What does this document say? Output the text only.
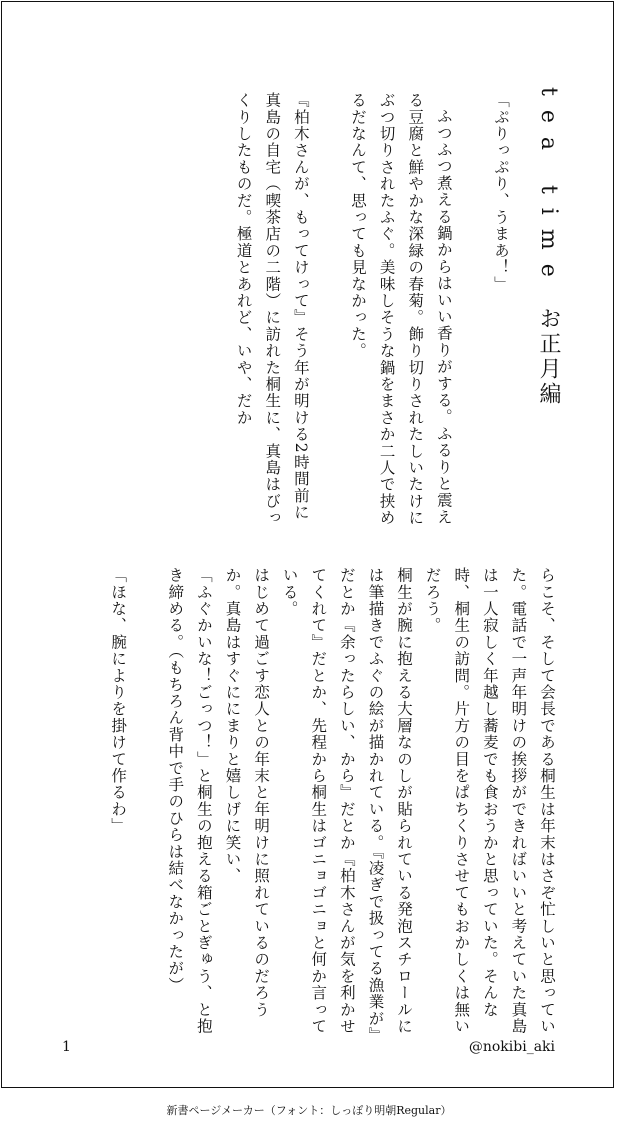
tea timeお正月編

「ぷりっぷり、うまあ！」

ふつふつ煮える鍋からはいい香りがする。ふるりと震える豆腐と鮮やかな深緑の春菊。飾り切りされたしいたけにぶつ切りされたふぐ。美味しそうな鍋をまさか二人で挟めるだなんて、思っても見なかった。

『柏木さんが、もってけって』そう年が明ける2時間前に真島の自宅（喫茶店の二階）に訪れた桐生に、真島はびっくりしたものだ。極道とあれど、いや、だか

らこそ、そして会長である桐生は年末はさぞ忙しいと思っていた。電話で一声年明けの挨拶ができればいいと考えていた真島は一人寂しく年越し蕎麦でも食おうかと思っていた。そんな時、桐生の訪問。片方の目をぱちくりさせてもおかしくは無いだろう。

桐生が腕に抱える大層なのしが貼られている発泡スチロールには筆描きでふぐの絵が描かれている。『凌ぎで扱ってる漁業が』だとか『余ったらしい、から』だとか『柏木さんが気を利かせてくれて』だとか、先程から桐生はゴニョゴニョと何か言っている。

はじめて過ごす恋人との年末と年明けに照れているのだろうか。真島はすぐににまりと嬉しげに笑い、

「ふぐかいな！ごっつ！」と桐生の抱える箱ごとぎゅう、と抱き締める。（もちろん背中で手のひらは結べなかったが）

「ほな、腕によりを掛けて作るわ」

1	@nokibi_aki
新書ページメーカー（フォント：しっぽり明朝Regular）
